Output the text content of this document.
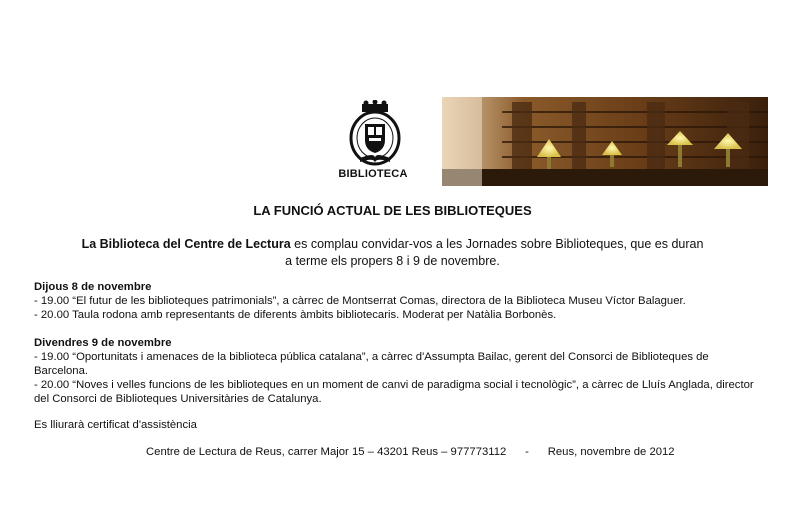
BIBLIOTECA
LA FUNCIÓ ACTUAL DE LES BIBLIOTEQUES
La Biblioteca del Centre de Lectura es complau convidar-vos a les Jornades sobre Biblioteques, que es duran
a terme els propers 8 i 9 de novembre.
Dijous 8 de novembre
- 19.00 “El futur de les biblioteques patrimonials”, a càrrec de Montserrat Comas, directora de la Biblioteca Museu Víctor Balaguer.
- 20.00 Taula rodona amb representants de diferents àmbits bibliotecaris. Moderat per Natàlia Borbonès.
Divendres 9 de novembre
- 19.00 “Oportunitats i amenaces de la biblioteca pública catalana”, a càrrec d'Assumpta Bailac, gerent del Consorci de Biblioteques de Barcelona.
- 20.00 “Noves i velles funcions de les biblioteques en un moment de canvi de paradigma social i tecnològic”, a càrrec de Lluís Anglada, director del Consorci de Biblioteques Universitàries de Catalunya.
Es lliurarà certificat d'assistència
Centre de Lectura de Reus, carrer Major 15 – 43201 Reus – 977773112 - Reus, novembre de 2012
